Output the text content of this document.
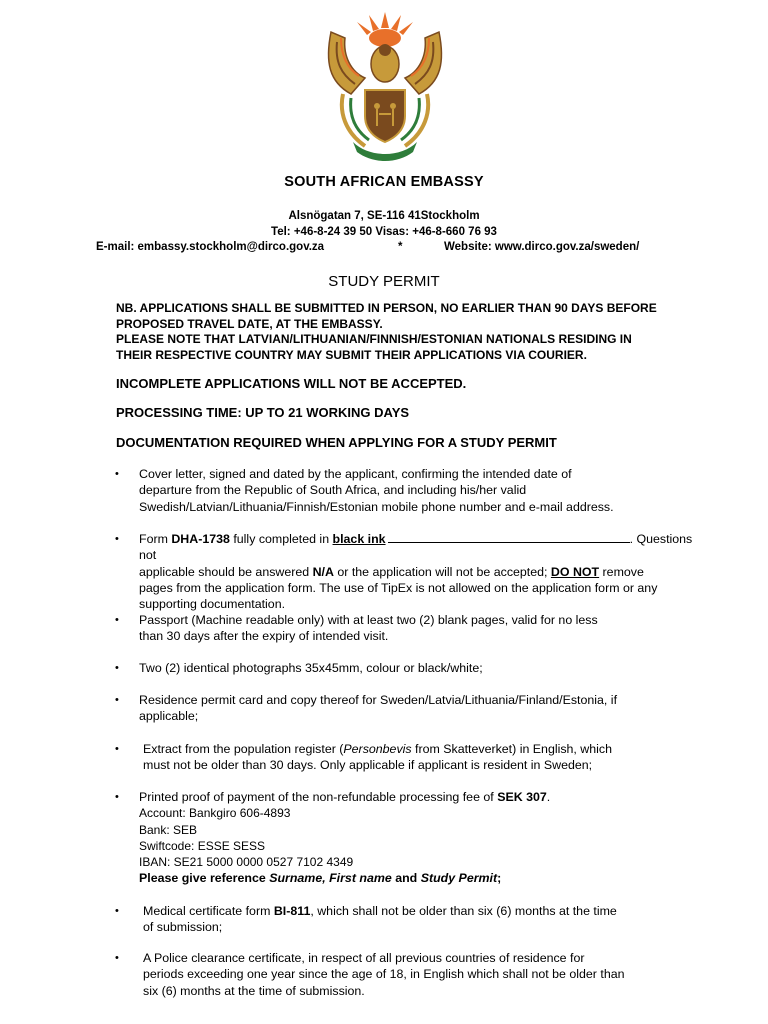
SOUTH AFRICAN EMBASSY
Alsnögatan 7, SE-116 41Stockholm
Tel: +46-8-24 39 50 Visas: +46-8-660 76 93
E-mail: embassy.stockholm@dirco.gov.za	*	Website: www.dirco.gov.za/sweden/
STUDY PERMIT
NB. APPLICATIONS SHALL BE SUBMITTED IN PERSON, NO EARLIER THAN 90 DAYS BEFORE
PROPOSED TRAVEL DATE, AT THE EMBASSY.
PLEASE NOTE THAT LATVIAN/LITHUANIAN/FINNISH/ESTONIAN NATIONALS RESIDING IN
THEIR RESPECTIVE COUNTRY MAY SUBMIT THEIR APPLICATIONS VIA COURIER.
INCOMPLETE APPLICATIONS WILL NOT BE ACCEPTED.
PROCESSING TIME: UP TO 21 WORKING DAYS
DOCUMENTATION REQUIRED WHEN APPLYING FOR A STUDY PERMIT
• Cover letter, signed and dated by the applicant, confirming the intended date of
departure from the Republic of South Africa, and including his/her valid
Swedish/Latvian/Lithuania/Finnish/Estonian mobile phone number and e-mail address.
• Form DHA-1738 fully completed in black ink	. Questions not
applicable should be answered N/A or the application will not be accepted; DO NOT remove
pages from the application form. The use of TipEx is not allowed on the application form or any
supporting documentation.
• Passport (Machine readable only) with at least two (2) blank pages, valid for no less
than 30 days after the expiry of intended visit.
• Two (2) identical photographs 35x45mm, colour or black/white;
• Residence permit card and copy thereof for Sweden/Latvia/Lithuania/Finland/Estonia, if
applicable;
• Extract from the population register (Personbevis from Skatteverket) in English, which
must not be older than 30 days. Only applicable if applicant is resident in Sweden;
• Printed proof of payment of the non-refundable processing fee of SEK 307.
Account: Bankgiro 606-4893
Bank: SEB
Swiftcode: ESSE SESS
IBAN: SE21 5000 0000 0527 7102 4349
Please give reference Surname, First name and Study Permit;
• Medical certificate form BI-811, which shall not be older than six (6) months at the time
of submission;
• A Police clearance certificate, in respect of all previous countries of residence for
periods exceeding one year since the age of 18, in English which shall not be older than
six (6) months at the time of submission.
